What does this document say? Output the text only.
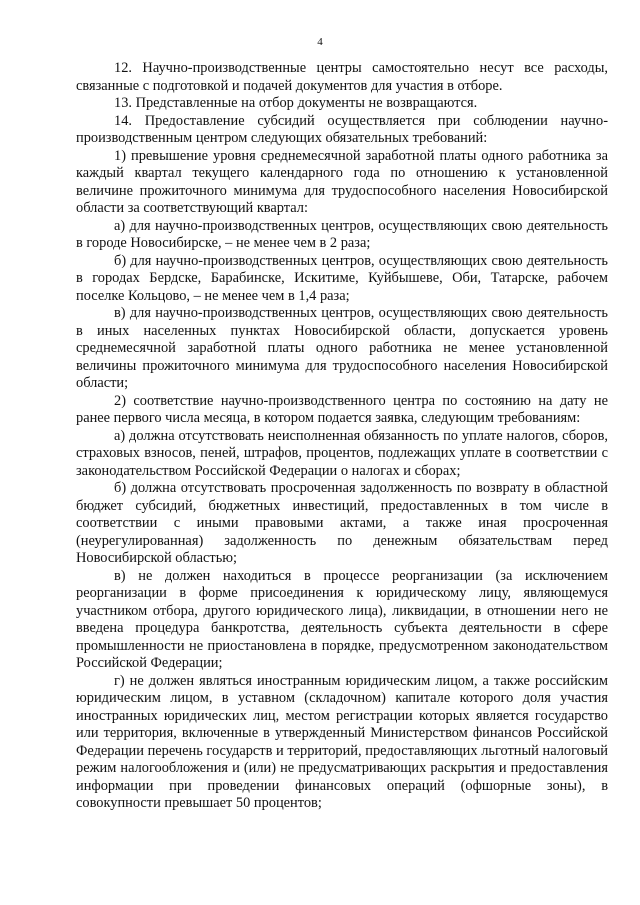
4

12. Научно-производственные центры самостоятельно несут все расходы, связанные с подготовкой и подачей документов для участия в отборе.

13. Представленные на отбор документы не возвращаются.

14. Предоставление субсидий осуществляется при соблюдении научно-производственным центром следующих обязательных требований:

1) превышение уровня среднемесячной заработной платы одного работника за каждый квартал текущего календарного года по отношению к установленной величине прожиточного минимума для трудоспособного населения Новосибирской области за соответствующий квартал:

а) для научно-производственных центров, осуществляющих свою деятельность в городе Новосибирске, – не менее чем в 2 раза;

б) для научно-производственных центров, осуществляющих свою деятельность в городах Бердске, Барабинске, Искитиме, Куйбышеве, Оби, Татарске, рабочем поселке Кольцово, – не менее чем в 1,4 раза;

в) для научно-производственных центров, осуществляющих свою деятельность в иных населенных пунктах Новосибирской области, допускается уровень среднемесячной заработной платы одного работника не менее установленной величины прожиточного минимума для трудоспособного населения Новосибирской области;

2) соответствие научно-производственного центра по состоянию на дату не ранее первого числа месяца, в котором подается заявка, следующим требованиям:

а) должна отсутствовать неисполненная обязанность по уплате налогов, сборов, страховых взносов, пеней, штрафов, процентов, подлежащих уплате в соответствии с законодательством Российской Федерации о налогах и сборах;

б) должна отсутствовать просроченная задолженность по возврату в областной бюджет субсидий, бюджетных инвестиций, предоставленных в том числе в соответствии с иными правовыми актами, а также иная просроченная (неурегулированная) задолженность по денежным обязательствам перед Новосибирской областью;

в) не должен находиться в процессе реорганизации (за исключением реорганизации в форме присоединения к юридическому лицу, являющемуся участником отбора, другого юридического лица), ликвидации, в отношении него не введена процедура банкротства, деятельность субъекта деятельности в сфере промышленности не приостановлена в порядке, предусмотренном законодательством Российской Федерации;

г) не должен являться иностранным юридическим лицом, а также российским юридическим лицом, в уставном (складочном) капитале которого доля участия иностранных юридических лиц, местом регистрации которых является государство или территория, включенные в утвержденный Министерством финансов Российской Федерации перечень государств и территорий, предоставляющих льготный налоговый режим налогообложения и (или) не предусматривающих раскрытия и предоставления информации при проведении финансовых операций (офшорные зоны), в совокупности превышает 50 процентов;
